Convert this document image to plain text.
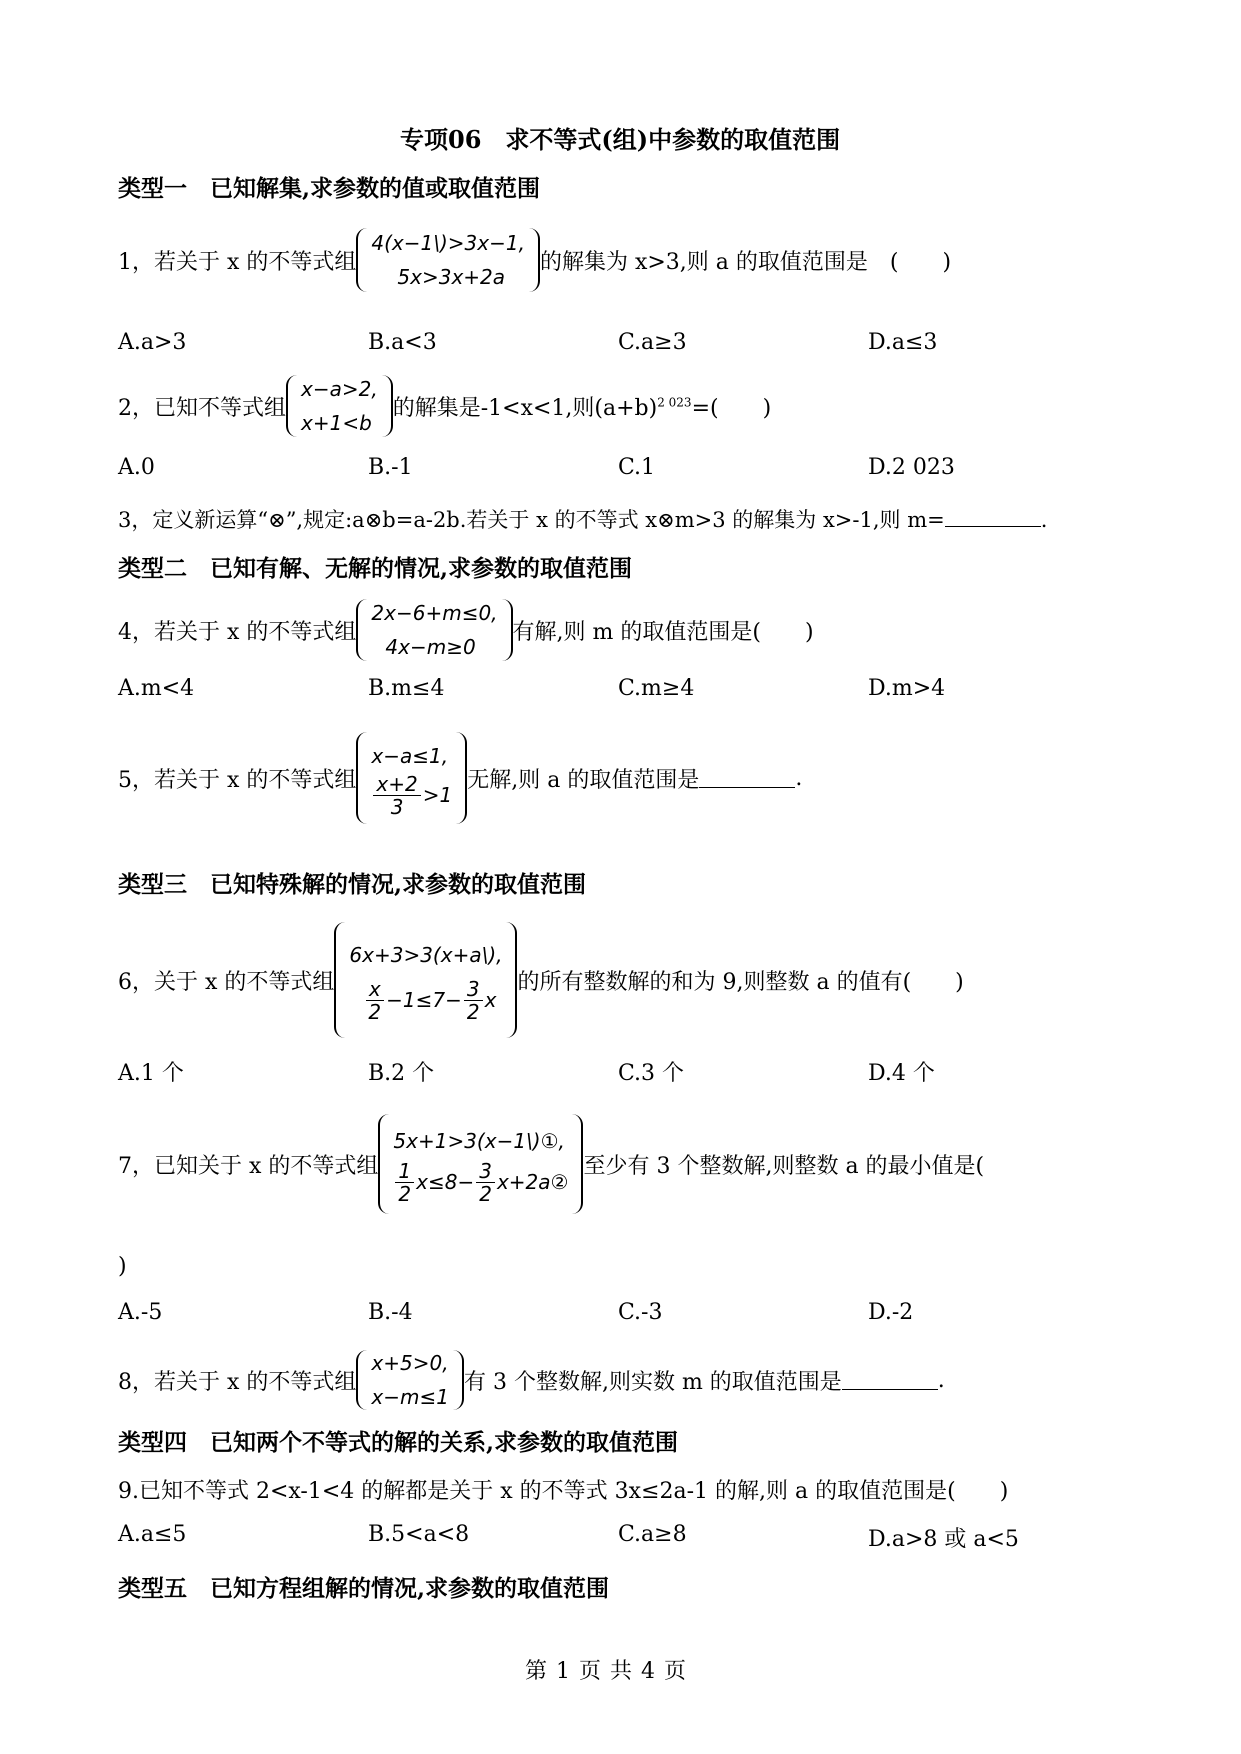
专项06　求不等式(组)中参数的取值范围
类型一　已知解集,求参数的值或取值范围
1，若关于 x 的不等式组
4(x−1\)>3x−1,
5x>3x+2a
的解集为 x>3,则 a 的取值范围是　(　　)
A.a>3	B.a<3	C.a≥3	D.a≤3
2，已知不等式组
x−a>2,
x+1<b
的解集是-1<x<1,则$(a+b)^{2 023}=$(　　)
A.0	B.-1	C.1	D.2 023
3，定义新运算“⊗”,规定:a⊗b=a-2b.若关于 x 的不等式 x⊗m>3 的解集为 x>-1,则 m=	.
类型二　已知有解、无解的情况,求参数的取值范围
4，若关于 x 的不等式组
2x−6+m≤0,
4x−m≥0
有解,则 m 的取值范围是(　　)
A.m<4	B.m≤4	C.m≥4	D.m>4
5，若关于 x 的不等式组
x−a≤1,
$\frac{x+2}{3} >1$
无解,则 a 的取值范围是	.
类型三　已知特殊解的情况,求参数的取值范围
6，关于 x 的不等式组
6x+3>3(x+a\),
$\frac{x}{2} -1\le 7- \frac{3}{2}$ x
的所有整数解的和为 9,则整数 a 的值有(　　)
A.1 个	B.2 个	C.3 个	D.4 个
7，已知关于 x 的不等式组
5x+1>3(x−1\)①,
$\frac{1}{2} x\le 8- \frac{3}{2}$ x+2a②
至少有 3 个整数解,则整数 a 的最小值是(
)
A.-5	B.-4	C.-3	D.-2
8，若关于 x 的不等式组
x+5>0,
x−m≤1
有 3 个整数解,则实数 m 的取值范围是	.
类型四　已知两个不等式的解的关系,求参数的取值范围
9.已知不等式 2<x-1<4 的解都是关于 x 的不等式 3x≤2a-1 的解,则 a 的取值范围是(　　)
A.a≤5	B.5<a<8	C.a≥8	D.a>8 或 a<5
类型五　已知方程组解的情况,求参数的取值范围
第 1 页 共 4 页
